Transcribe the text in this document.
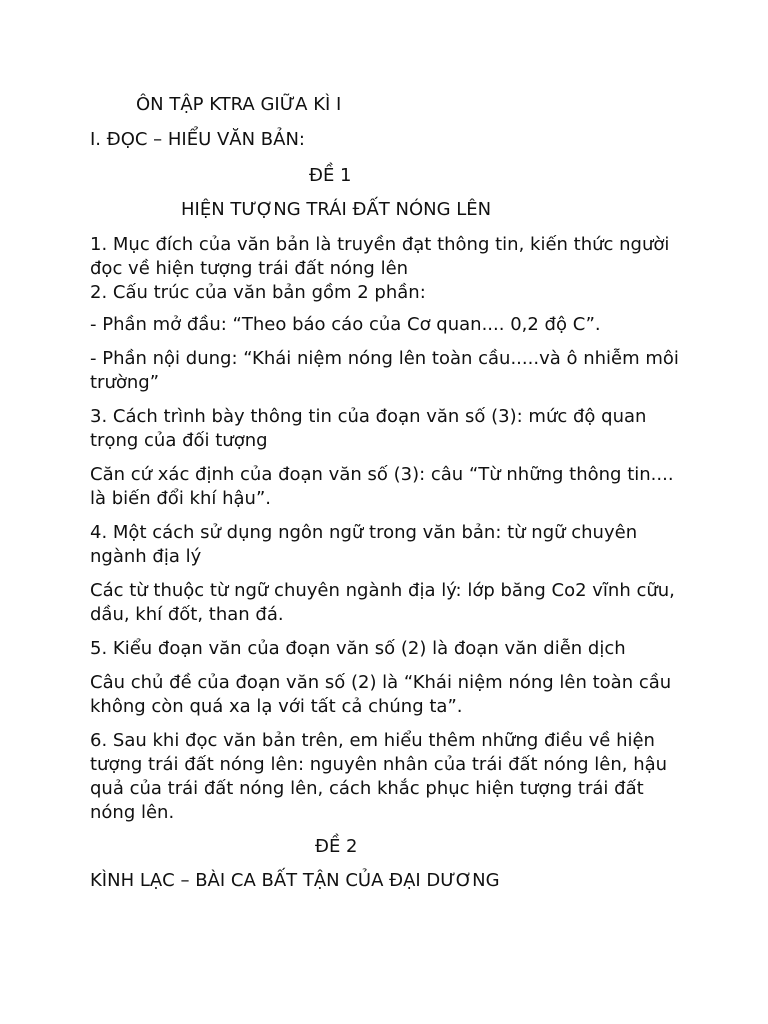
ÔN TẬP KTRA GIỮA KÌ I

I. ĐỌC – HIỂU VĂN BẢN:

ĐỀ 1

HIỆN TƯỢNG TRÁI ĐẤT NÓNG LÊN

1. Mục đích của văn bản là truyền đạt thông tin, kiến thức người đọc về hiện tượng trái đất nóng lên

2. Cấu trúc của văn bản gồm 2 phần:

- Phần mở đầu: “Theo báo cáo của Cơ quan.... 0,2 độ C”.

- Phần nội dung: “Khái niệm nóng lên toàn cầu.....và ô nhiễm môi trường”

3. Cách trình bày thông tin của đoạn văn số (3): mức độ quan trọng của đối tượng

Căn cứ xác định của đoạn văn số (3): câu “Từ những thông tin.... là biến đổi khí hậu”.

4. Một cách sử dụng ngôn ngữ trong văn bản: từ ngữ chuyên ngành địa lý

Các từ thuộc từ ngữ chuyên ngành địa lý: lớp băng Co2 vĩnh cữu, dầu, khí đốt, than đá.

5. Kiểu đoạn văn của đoạn văn số (2) là đoạn văn diễn dịch

Câu chủ đề của đoạn văn số (2) là “Khái niệm nóng lên toàn cầu không còn quá xa lạ với tất cả chúng ta”.

6. Sau khi đọc văn bản trên, em hiểu thêm những điều về hiện tượng trái đất nóng lên: nguyên nhân của trái đất nóng lên, hậu quả của trái đất nóng lên, cách khắc phục hiện tượng trái đất nóng lên.

ĐỀ 2

KÌNH LẠC – BÀI CA BẤT TẬN CỦA ĐẠI DƯƠNG
